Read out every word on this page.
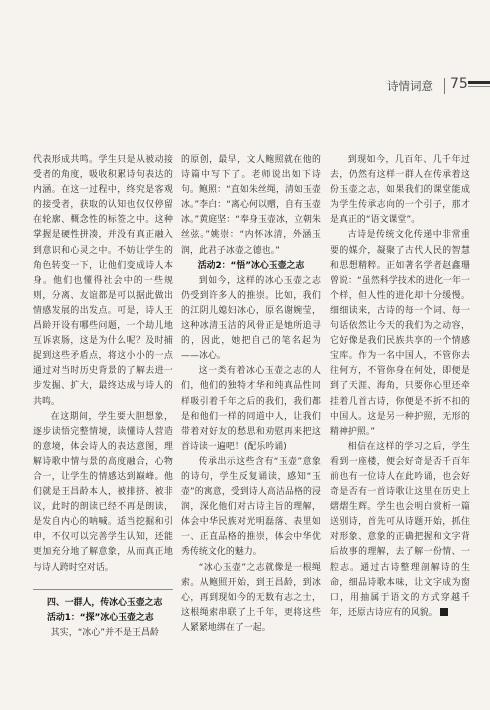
诗情词意	75

代表形成共鸣。学生只是从被动接受者的角度，吸收积累诗句表达的内涵。在这一过程中，终究是客观的接受者，获取的认知也仅仅停留在轮廓、概念性的标签之中。这种掌握是硬性拼凑，并没有真正融入到意识和心灵之中。不妨让学生的角色转变一下，让他们变成诗人本身。他们也懂得社会中的一些规则，分离、友谊都是可以据此做出情感发展的出发点。可是，诗人王昌龄开设有哪些问题，一个劫儿地互诉衷肠，这是为什么呢？及时捕捉到这些矛盾点，将这小小的一点通过对当时历史背景的了解去进一步发掘、扩大，最终达成与诗人的共鸣。

在这期间，学生要大胆想象，逐步读悟完整情境，读懂诗人营造的意境，体会诗人的表达意图，理解诗歌中情与景的高度融合，心物合一，让学生的情感达到巅峰。他们就是王昌龄本人，被排挤、被非议，此时的朗读已经不再是朗读，是发自内心的呐喊。适当挖掘和引申，不仅可以完善学生认知，还能更加充分地了解意象，从而真正地与诗人跨时空对话。

四、一群人，传冰心玉壶之志

活动1：“探”冰心玉壶之志

其实，“冰心”并不是王昌龄

的原创，最早，文人鲍照就在他的诗篇中写下了。老师说出如下诗句。鲍照：“直如朱丝绳，清如玉壶冰。”李白：“离心何以赠，自有玉壶冰。”黄庭坚：“奉身玉壶冰，立朝朱丝弦。”姚崇：“内怀冰清，外涵玉润，此君子冰壶之德也。”

活动2：“悟”冰心玉壶之志

到如今，这样的冰心玉壶之志仍受到许多人的推崇。比如，我们的江阴儿媳妇冰心，原名谢婉莹，这种冰清玉洁的风骨正是她所追寻的，因此，她把自己的笔名起为——冰心。

这一类有着冰心玉壶之志的人们，他们的独特才华和纯真品性同样吸引着千年之后的我们，我们都是和他们一样的同道中人，让我们带着对好友的愁思和劝慰再来把这首诗读一遍吧！(配乐吟诵)

传承出示这些含有“玉壶”意象的诗句，学生反复诵读，感知“玉壶”的寓意，受到诗人高洁品格的浸润，深化他们对古诗主旨的理解，体会中华民族对光明磊落、表里如一、正直品格的推崇，体会中华优秀传统文化的魅力。

“冰心玉壶”之志就像是一根绳索。从鲍照开始，到王昌龄，到冰心，再到现如今的无数有志之士，这根绳索串联了上千年，更将这些人紧紧地绑在了一起。

到现如今，几百年、几千年过去，仍然有这样一群人在传承着这份玉壶之志，如果我们的课堂能成为学生传承志向的一个引子，那才是真正的“语文课堂”。

古诗是传统文化传递中非常重要的媒介，凝聚了古代人民的智慧和思想精粹。正如著名学者赵鑫珊曾说：“虽然科学技术的进化一年一个样，但人性的进化却十分缓慢。细细读来，古诗的每一个词、每一句话依然让今天的我们为之动容，它好像是我们民族共享的一个情感宝库。作为一名中国人，不管你去往何方，不管你身在何处，即便是到了天涯、海角，只要你心里还牵挂着几首古诗，你便是不折不扣的中国人。这是另一种护照，无形的精神护照。”

相信在这样的学习之后，学生看到一座楼，便会好奇是否千百年前也有一位诗人在此吟诵，也会好奇是否有一首诗歌让这里在历史上熠熠生辉。学生也会明白赏析一篇送别诗，首先可从诗题开始，抓住对形象、意象的正确把握和文字背后故事的理解，去了解一份情、一腔志。通过古诗整理剖解诗的生命，细品诗歌本味，让文字成为窗口，用抽属于语文的方式穿越千年，还原古诗应有的风貌。
